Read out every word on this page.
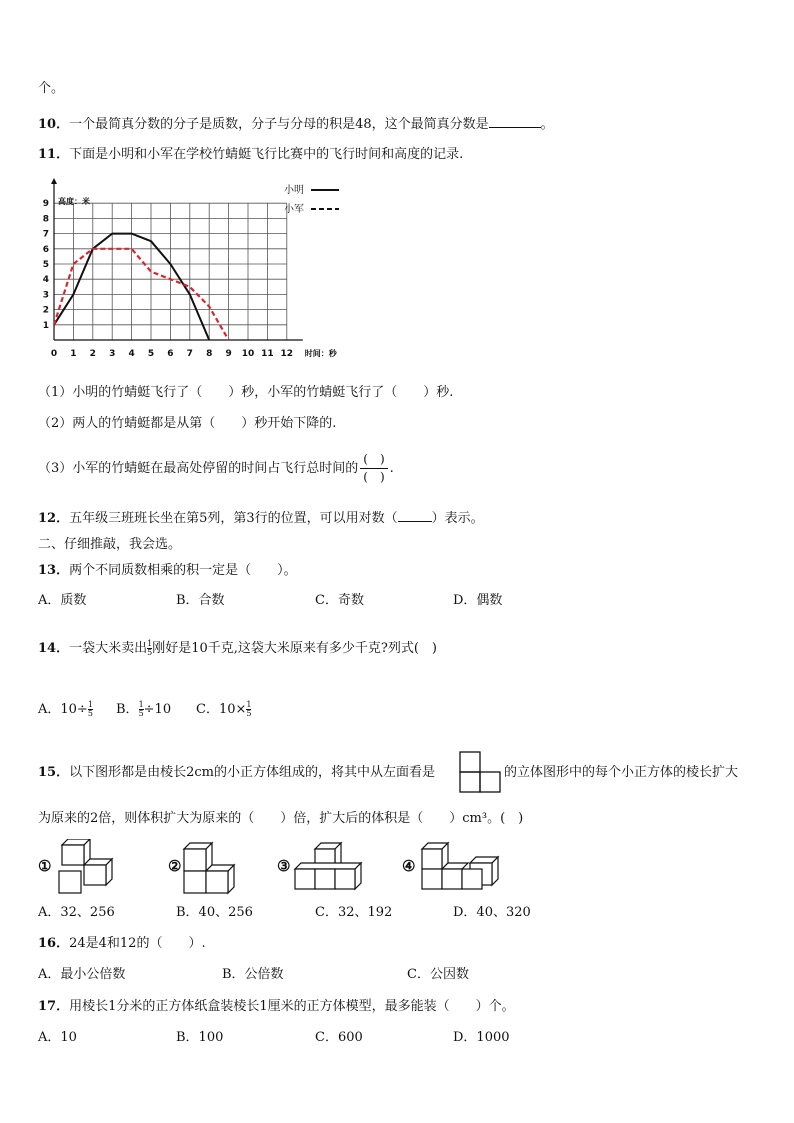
个。
10．一个最简真分数的分子是质数，分子与分母的积是48，这个最简真分数是	。
11．下面是小明和小军在学校竹蜻蜓飞行比赛中的飞行时间和高度的记录.
高度：米
时间：秒
0 1 2 3 4 5 6 7 8 9 10 11 12
1
2
3
4
5
6
7
8
9
小明
小军
（1）小明的竹蜻蜓飞行了（　　）秒，小军的竹蜻蜓飞行了（　　）秒.
（2）两人的竹蜻蜓都是从第（　　）秒开始下降的.
（3）小军的竹蜻蜓在最高处停留的时间占飞行总时间的 $\frac{( )}{( )}$ .
12．五年级三班班长坐在第5列，第3行的位置，可以用对数（	）表示。
二、仔细推敲，我会选。
13．两个不同质数相乘的积一定是（　　）。
A．质数	B．合数	C．奇数	D．偶数
14．一袋大米卖出 $\frac{1}{5}$ 刚好是10千克,这袋大米原来有多少千克?列式(　)
A．$10\div \frac{1}{5}$ B． $\frac{1}{5} \div 10$ C．$10\times \frac{1}{5}$
15．以下图形都是由棱长2cm的小正方体组成的，将其中从左面看是	的立体图形中的每个小正方体的棱长扩大
为原来的2倍，则体积扩大为原来的（　　）倍，扩大后的体积是（　　）cm³。(　)
①	②	③	④
A．32、256	B．40、256	C．32、192	D．40、320
16．24是4和12的（　　）.
A．最小公倍数	B．公倍数	C．公因数
17．用棱长1分米的正方体纸盒装棱长1厘米的正方体模型，最多能装（　　）个。
A．10	B．100	C．600	D．1000
